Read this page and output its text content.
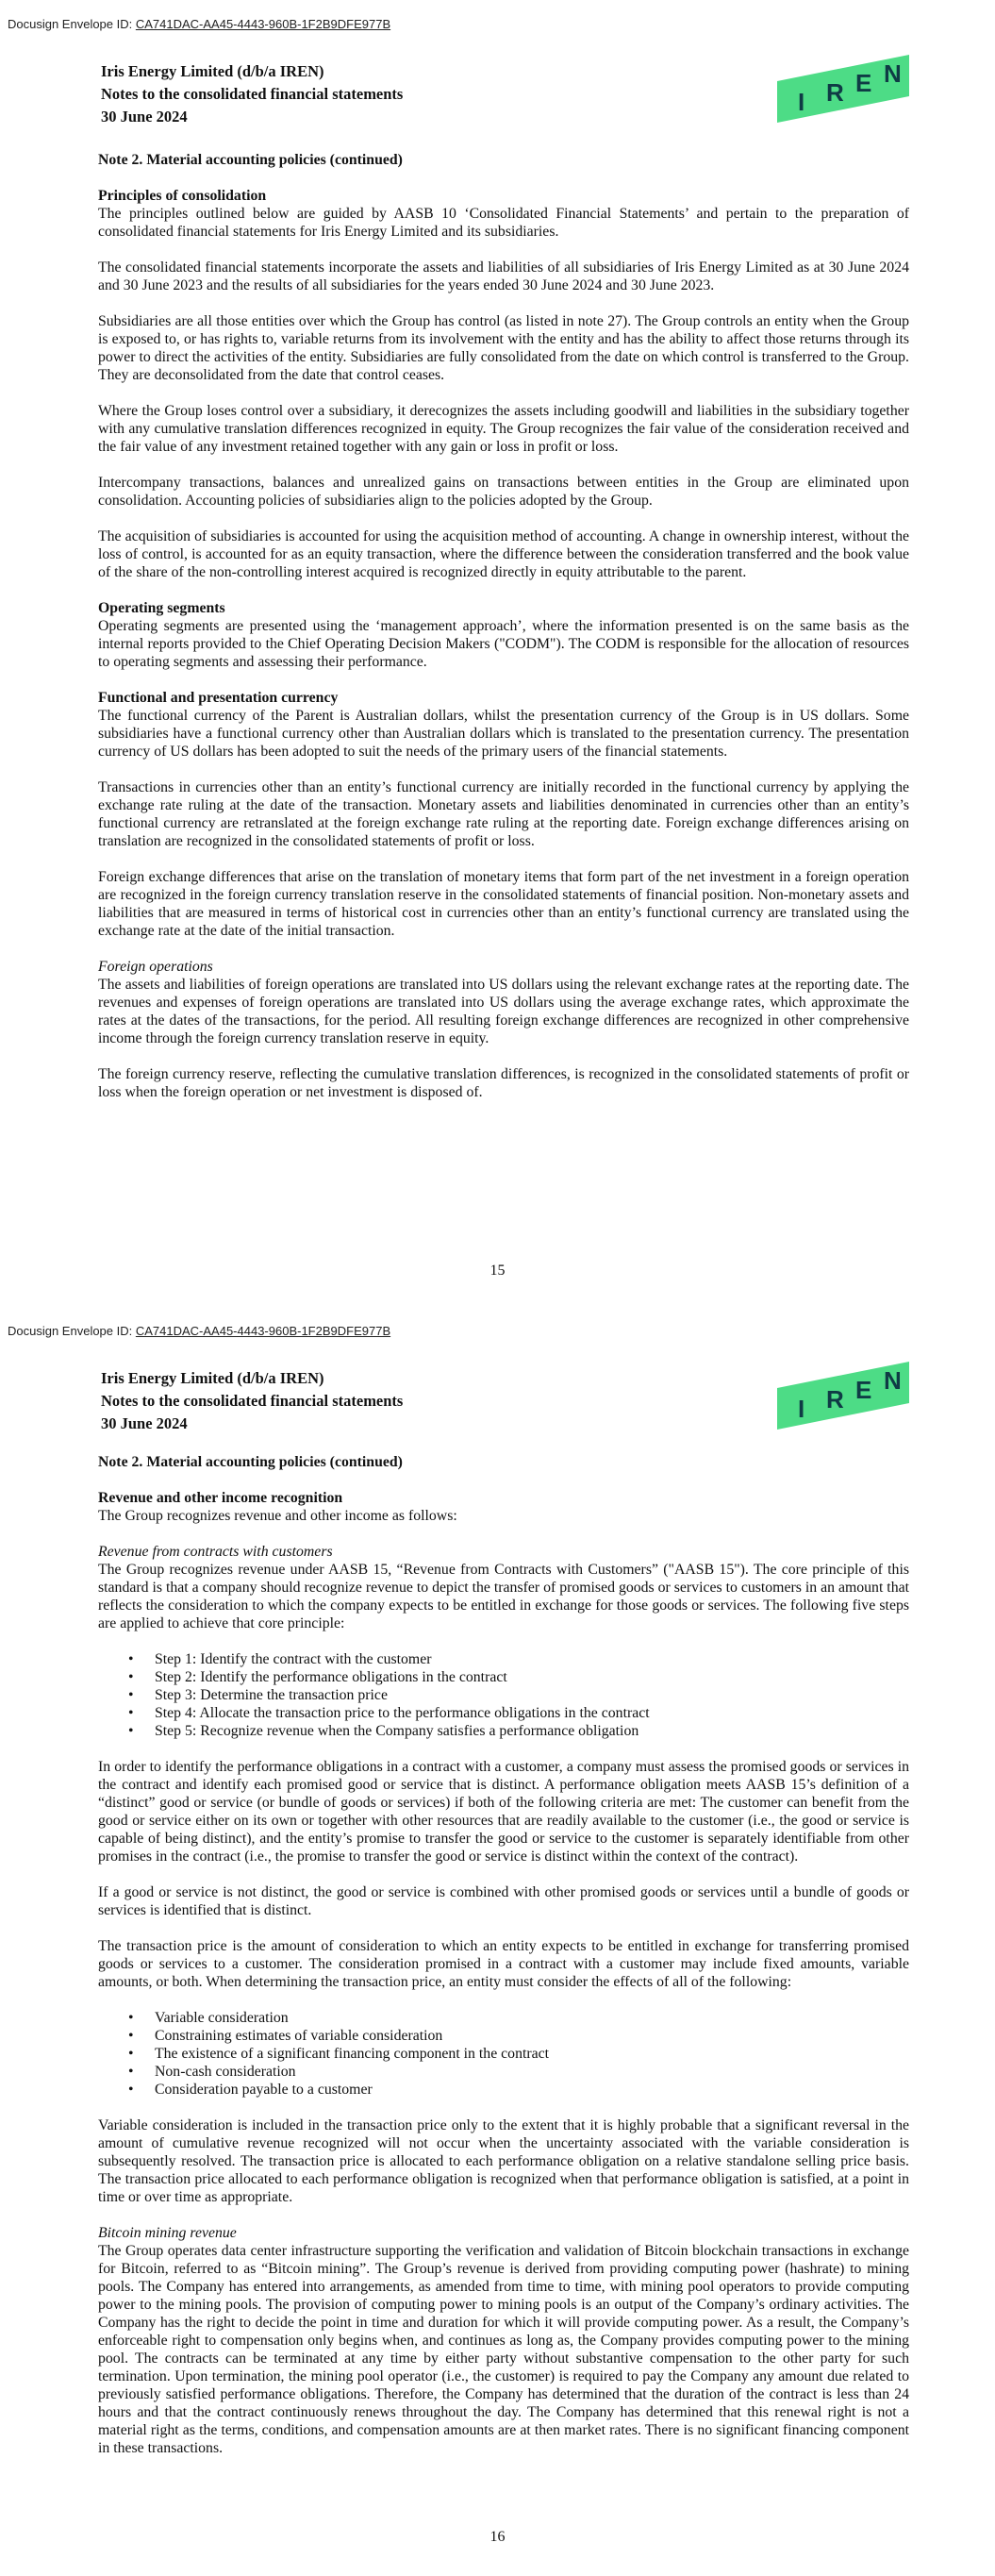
Docusign Envelope ID: CA741DAC-AA45-4443-960B-1F2B9DFE977B
Iris Energy Limited (d/b/a IREN)
Notes to the consolidated financial statements
30 June 2024
I R E N
Note 2. Material accounting policies (continued)
Principles of consolidation

The principles outlined below are guided by AASB 10 ‘Consolidated Financial Statements’ and pertain to the preparation of consolidated financial statements for Iris Energy Limited and its subsidiaries.

The consolidated financial statements incorporate the assets and liabilities of all subsidiaries of Iris Energy Limited as at 30 June 2024 and 30 June 2023 and the results of all subsidiaries for the years ended 30 June 2024 and 30 June 2023.

Subsidiaries are all those entities over which the Group has control (as listed in note 27). The Group controls an entity when the Group is exposed to, or has rights to, variable returns from its involvement with the entity and has the ability to affect those returns through its power to direct the activities of the entity. Subsidiaries are fully consolidated from the date on which control is transferred to the Group. They are deconsolidated from the date that control ceases.

Where the Group loses control over a subsidiary, it derecognizes the assets including goodwill and liabilities in the subsidiary together with any cumulative translation differences recognized in equity. The Group recognizes the fair value of the consideration received and the fair value of any investment retained together with any gain or loss in profit or loss.

Intercompany transactions, balances and unrealized gains on transactions between entities in the Group are eliminated upon consolidation. Accounting policies of subsidiaries align to the policies adopted by the Group.

The acquisition of subsidiaries is accounted for using the acquisition method of accounting. A change in ownership interest, without the loss of control, is accounted for as an equity transaction, where the difference between the consideration transferred and the book value of the share of the non-controlling interest acquired is recognized directly in equity attributable to the parent.

Operating segments

Operating segments are presented using the ‘management approach’, where the information presented is on the same basis as the internal reports provided to the Chief Operating Decision Makers ("CODM"). The CODM is responsible for the allocation of resources to operating segments and assessing their performance.

Functional and presentation currency

The functional currency of the Parent is Australian dollars, whilst the presentation currency of the Group is in US dollars. Some subsidiaries have a functional currency other than Australian dollars which is translated to the presentation currency. The presentation currency of US dollars has been adopted to suit the needs of the primary users of the financial statements.

Transactions in currencies other than an entity’s functional currency are initially recorded in the functional currency by applying the exchange rate ruling at the date of the transaction. Monetary assets and liabilities denominated in currencies other than an entity’s functional currency are retranslated at the foreign exchange rate ruling at the reporting date. Foreign exchange differences arising on translation are recognized in the consolidated statements of profit or loss.

Foreign exchange differences that arise on the translation of monetary items that form part of the net investment in a foreign operation are recognized in the foreign currency translation reserve in the consolidated statements of financial position. Non-monetary assets and liabilities that are measured in terms of historical cost in currencies other than an entity’s functional currency are translated using the exchange rate at the date of the initial transaction.

Foreign operations

The assets and liabilities of foreign operations are translated into US dollars using the relevant exchange rates at the reporting date. The revenues and expenses of foreign operations are translated into US dollars using the average exchange rates, which approximate the rates at the dates of the transactions, for the period. All resulting foreign exchange differences are recognized in other comprehensive income through the foreign currency translation reserve in equity.

The foreign currency reserve, reflecting the cumulative translation differences, is recognized in the consolidated statements of profit or loss when the foreign operation or net investment is disposed of.

15
Docusign Envelope ID: CA741DAC-AA45-4443-960B-1F2B9DFE977B
Iris Energy Limited (d/b/a IREN)
Notes to the consolidated financial statements
30 June 2024
I R E N
Note 2. Material accounting policies (continued)
Revenue and other income recognition

The Group recognizes revenue and other income as follows:

Revenue from contracts with customers

The Group recognizes revenue under AASB 15, “Revenue from Contracts with Customers” ("AASB 15"). The core principle of this standard is that a company should recognize revenue to depict the transfer of promised goods or services to customers in an amount that reflects the consideration to which the company expects to be entitled in exchange for those goods or services. The following five steps are applied to achieve that core principle:

• Step 1: Identify the contract with the customer
• Step 2: Identify the performance obligations in the contract
• Step 3: Determine the transaction price
• Step 4: Allocate the transaction price to the performance obligations in the contract
• Step 5: Recognize revenue when the Company satisfies a performance obligation

In order to identify the performance obligations in a contract with a customer, a company must assess the promised goods or services in the contract and identify each promised good or service that is distinct. A performance obligation meets AASB 15’s definition of a “distinct” good or service (or bundle of goods or services) if both of the following criteria are met: The customer can benefit from the good or service either on its own or together with other resources that are readily available to the customer (i.e., the good or service is capable of being distinct), and the entity’s promise to transfer the good or service to the customer is separately identifiable from other promises in the contract (i.e., the promise to transfer the good or service is distinct within the context of the contract).

If a good or service is not distinct, the good or service is combined with other promised goods or services until a bundle of goods or services is identified that is distinct.

The transaction price is the amount of consideration to which an entity expects to be entitled in exchange for transferring promised goods or services to a customer. The consideration promised in a contract with a customer may include fixed amounts, variable amounts, or both. When determining the transaction price, an entity must consider the effects of all of the following:

• Variable consideration
• Constraining estimates of variable consideration
• The existence of a significant financing component in the contract
• Non-cash consideration
• Consideration payable to a customer

Variable consideration is included in the transaction price only to the extent that it is highly probable that a significant reversal in the amount of cumulative revenue recognized will not occur when the uncertainty associated with the variable consideration is subsequently resolved. The transaction price is allocated to each performance obligation on a relative standalone selling price basis. The transaction price allocated to each performance obligation is recognized when that performance obligation is satisfied, at a point in time or over time as appropriate.

Bitcoin mining revenue

The Group operates data center infrastructure supporting the verification and validation of Bitcoin blockchain transactions in exchange for Bitcoin, referred to as “Bitcoin mining”. The Group’s revenue is derived from providing computing power (hashrate) to mining pools. The Company has entered into arrangements, as amended from time to time, with mining pool operators to provide computing power to the mining pools. The provision of computing power to mining pools is an output of the Company’s ordinary activities. The Company has the right to decide the point in time and duration for which it will provide computing power. As a result, the Company’s enforceable right to compensation only begins when, and continues as long as, the Company provides computing power to the mining pool. The contracts can be terminated at any time by either party without substantive compensation to the other party for such termination. Upon termination, the mining pool operator (i.e., the customer) is required to pay the Company any amount due related to previously satisfied performance obligations. Therefore, the Company has determined that the duration of the contract is less than 24 hours and that the contract continuously renews throughout the day. The Company has determined that this renewal right is not a material right as the terms, conditions, and compensation amounts are at then market rates. There is no significant financing component in these transactions.

16
